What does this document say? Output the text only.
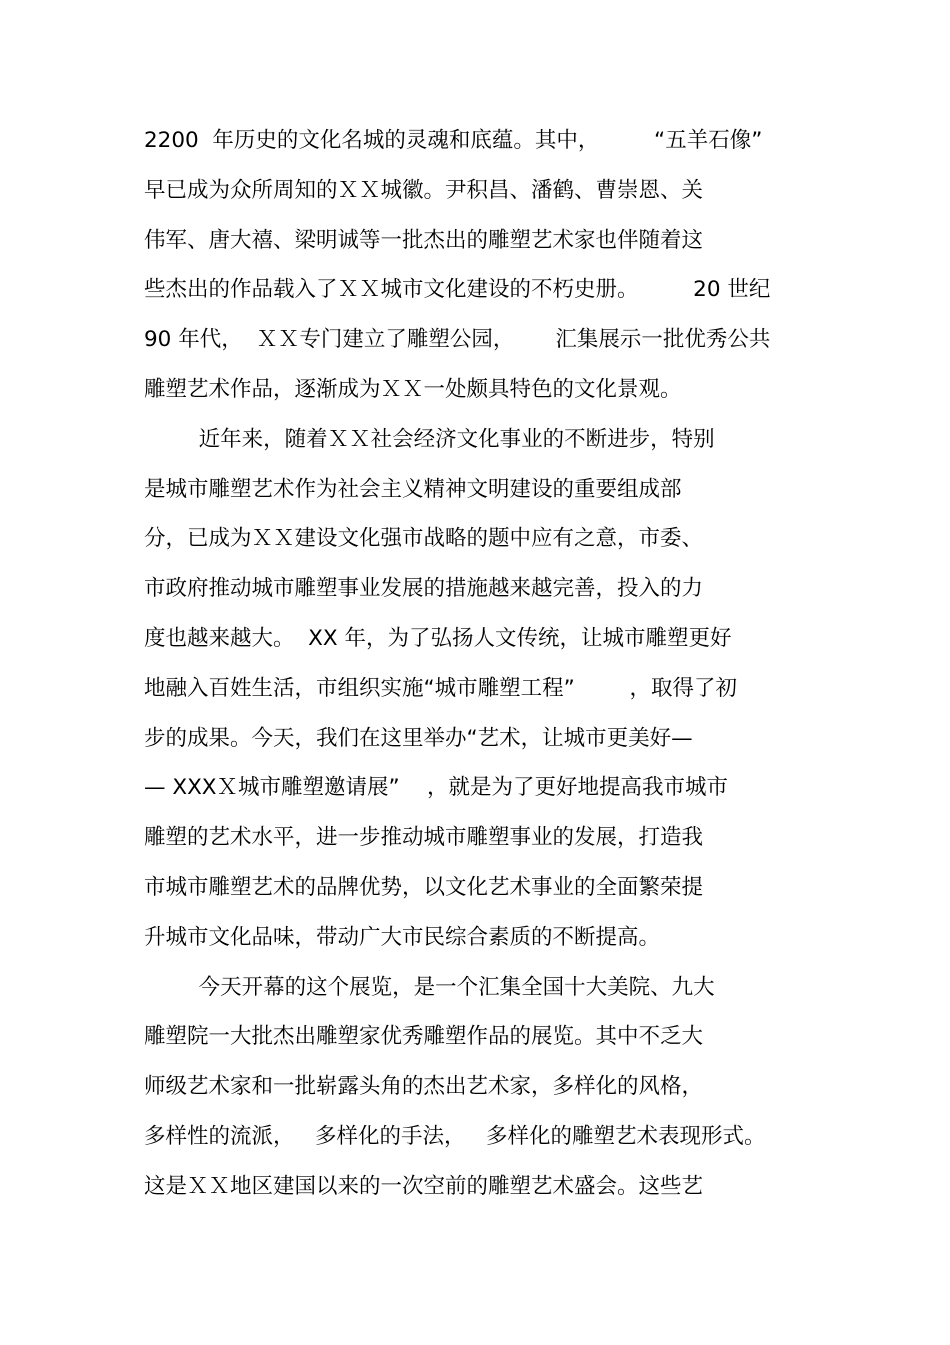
2200  年历史的文化名城的灵魂和底蕴。其中，        “五羊石像”
早已成为众所周知的ＸＸ城徽。尹积昌、潘鹤、曹崇恩、关
伟军、唐大禧、梁明诚等一批杰出的雕塑艺术家也伴随着这
些杰出的作品载入了ＸＸ城市文化建设的不朽史册。        20 世纪
90 年代，  ＸＸ专门建立了雕塑公园，      汇集展示一批优秀公共
雕塑艺术作品，逐渐成为ＸＸ一处颇具特色的文化景观。
近年来，随着ＸＸ社会经济文化事业的不断进步，特别
是城市雕塑艺术作为社会主义精神文明建设的重要组成部
分，已成为ＸＸ建设文化强市战略的题中应有之意，市委、
市政府推动城市雕塑事业发展的措施越来越完善，投入的力
度也越来越大。  XX 年，为了弘扬人文传统，让城市雕塑更好
地融入百姓生活，市组织实施“城市雕塑工程”        ，取得了初
步的成果。今天，我们在这里举办“艺术，让城市更美好—
— XXXＸ城市雕塑邀请展”    ，就是为了更好地提高我市城市
雕塑的艺术水平，进一步推动城市雕塑事业的发展，打造我
市城市雕塑艺术的品牌优势，以文化艺术事业的全面繁荣提
升城市文化品味，带动广大市民综合素质的不断提高。
今天开幕的这个展览，是一个汇集全国十大美院、九大
雕塑院一大批杰出雕塑家优秀雕塑作品的展览。其中不乏大
师级艺术家和一批崭露头角的杰出艺术家，多样化的风格，
多样性的流派，   多样化的手法，   多样化的雕塑艺术表现形式。
这是ＸＸ地区建国以来的一次空前的雕塑艺术盛会。这些艺
